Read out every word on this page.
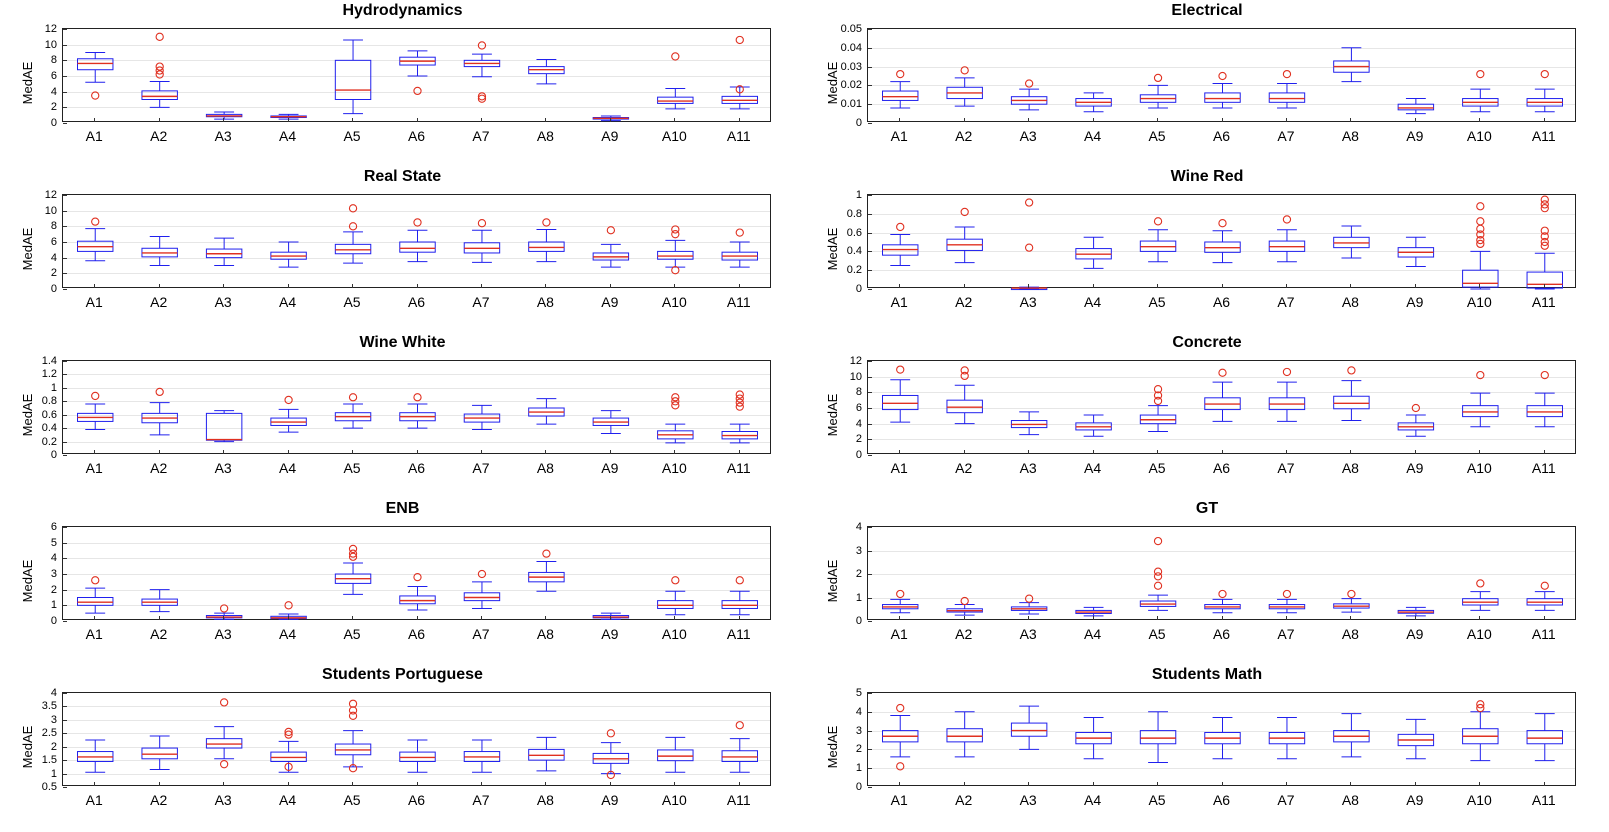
Hydrodynamics
MedAE
0
2
4
6
8
10
12
A1	A2	A3	A4	A5	A6	A7	A8	A9	A10	A11
Electrical
MedAE
0
0.01
0.02
0.03
0.04
0.05
A1	A2	A3	A4	A5	A6	A7	A8	A9	A10	A11
Real State
MedAE
0
2
4
6
8
10
12
A1	A2	A3	A4	A5	A6	A7	A8	A9	A10	A11
Wine Red
MedAE
0
0.2
0.4
0.6
0.8
1
A1	A2	A3	A4	A5	A6	A7	A8	A9	A10	A11
Wine White
MedAE
0
0.2
0.4
0.6
0.8
1
1.2
1.4
A1	A2	A3	A4	A5	A6	A7	A8	A9	A10	A11
Concrete
MedAE
0
2
4
6
8
10
12
A1	A2	A3	A4	A5	A6	A7	A8	A9	A10	A11
ENB
MedAE
0
1
2
3
4
5
6
A1	A2	A3	A4	A5	A6	A7	A8	A9	A10	A11
GT
MedAE
0
1
2
3
4
A1	A2	A3	A4	A5	A6	A7	A8	A9	A10	A11
Students Portuguese
MedAE
0.5
1
1.5
2
2.5
3
3.5
4
A1	A2	A3	A4	A5	A6	A7	A8	A9	A10	A11
Students Math
MedAE
0
1
2
3
4
5
A1	A2	A3	A4	A5	A6	A7	A8	A9	A10	A11
